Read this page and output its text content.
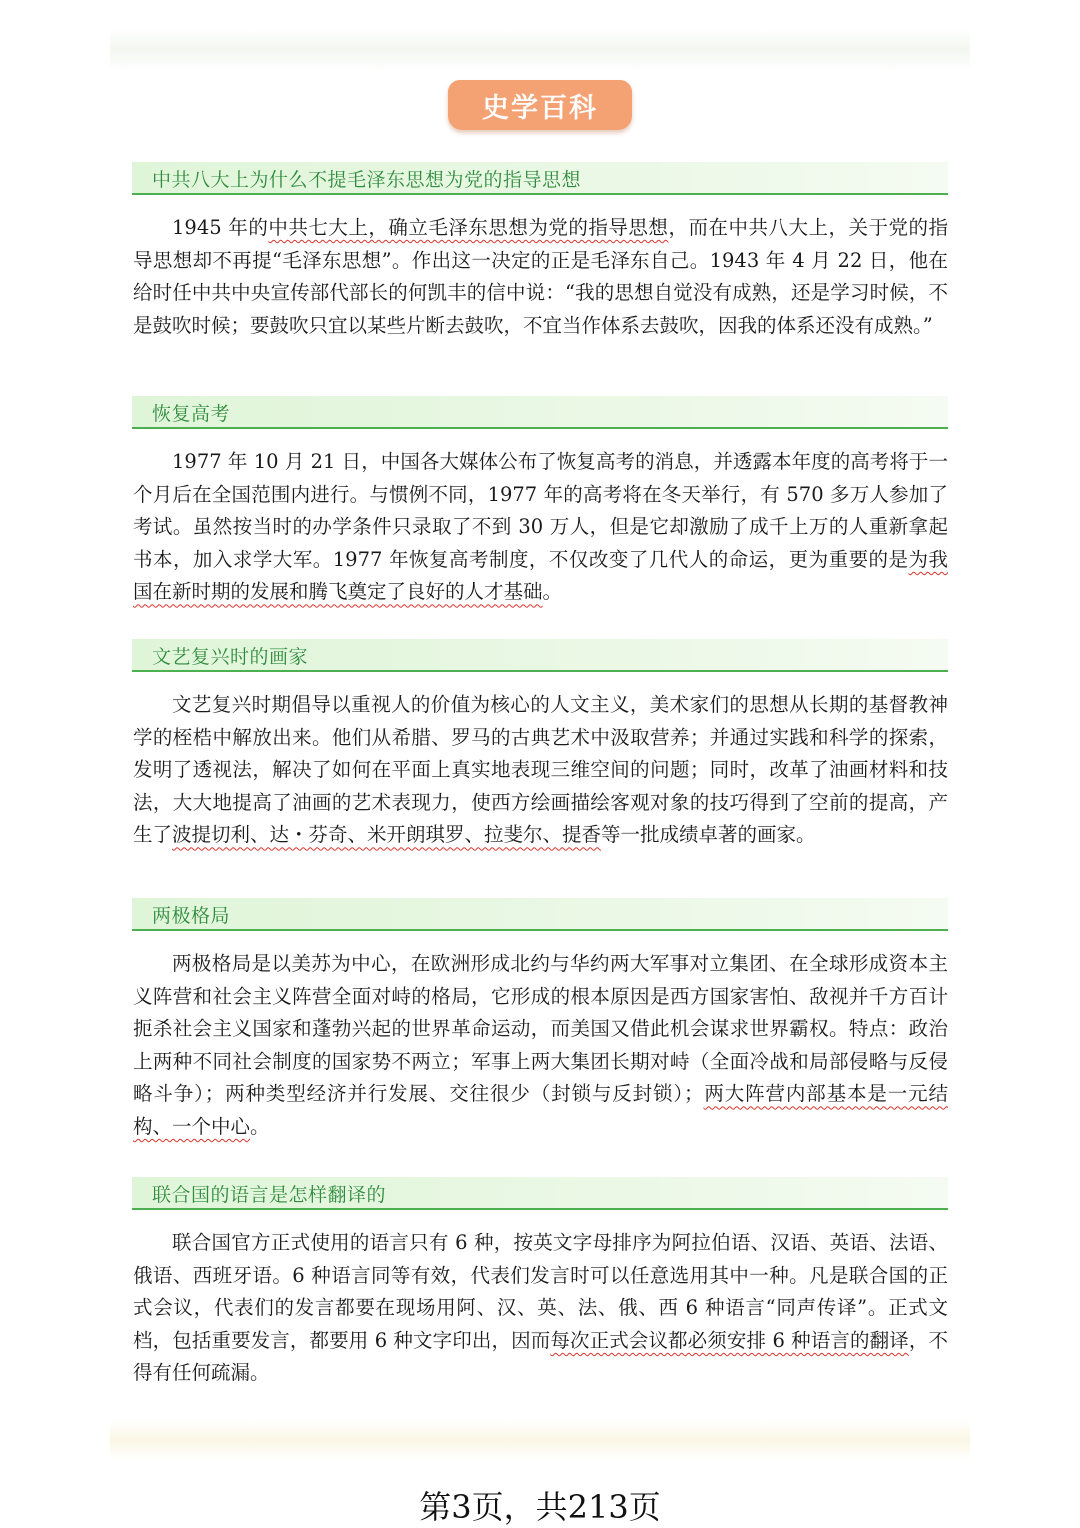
史学百科
中共八大上为什么不提毛泽东思想为党的指导思想

1945 年的中共七大上，确立毛泽东思想为党的指导思想，而在中共八大上，关于党的指导思想却不再提“毛泽东思想”。作出这一决定的正是毛泽东自己。1943 年 4 月 22 日，他在给时任中共中央宣传部代部长的何凯丰的信中说：“我的思想自觉没有成熟，还是学习时候，不是鼓吹时候；要鼓吹只宜以某些片断去鼓吹，不宜当作体系去鼓吹，因我的体系还没有成熟。”

恢复高考

1977 年 10 月 21 日，中国各大媒体公布了恢复高考的消息，并透露本年度的高考将于一个月后在全国范围内进行。与惯例不同，1977 年的高考将在冬天举行，有 570 多万人参加了考试。虽然按当时的办学条件只录取了不到 30 万人，但是它却激励了成千上万的人重新拿起书本，加入求学大军。1977 年恢复高考制度，不仅改变了几代人的命运，更为重要的是为我国在新时期的发展和腾飞奠定了良好的人才基础。

文艺复兴时的画家

文艺复兴时期倡导以重视人的价值为核心的人文主义，美术家们的思想从长期的基督教神学的桎梏中解放出来。他们从希腊、罗马的古典艺术中汲取营养；并通过实践和科学的探索，发明了透视法，解决了如何在平面上真实地表现三维空间的问题；同时，改革了油画材料和技法，大大地提高了油画的艺术表现力，使西方绘画描绘客观对象的技巧得到了空前的提高，产生了波提切利、达・芬奇、米开朗琪罗、拉斐尔、提香等一批成绩卓著的画家。

两极格局

两极格局是以美苏为中心，在欧洲形成北约与华约两大军事对立集团、在全球形成资本主义阵营和社会主义阵营全面对峙的格局，它形成的根本原因是西方国家害怕、敌视并千方百计扼杀社会主义国家和蓬勃兴起的世界革命运动，而美国又借此机会谋求世界霸权。特点：政治上两种不同社会制度的国家势不两立；军事上两大集团长期对峙（全面冷战和局部侵略与反侵略斗争）；两种类型经济并行发展、交往很少（封锁与反封锁）；两大阵营内部基本是一元结构、一个中心。

联合国的语言是怎样翻译的

联合国官方正式使用的语言只有 6 种，按英文字母排序为阿拉伯语、汉语、英语、法语、俄语、西班牙语。6 种语言同等有效，代表们发言时可以任意选用其中一种。凡是联合国的正式会议，代表们的发言都要在现场用阿、汉、英、法、俄、西 6 种语言“同声传译”。正式文档，包括重要发言，都要用 6 种文字印出，因而每次正式会议都必须安排 6 种语言的翻译，不得有任何疏漏。

第3页，共213页
